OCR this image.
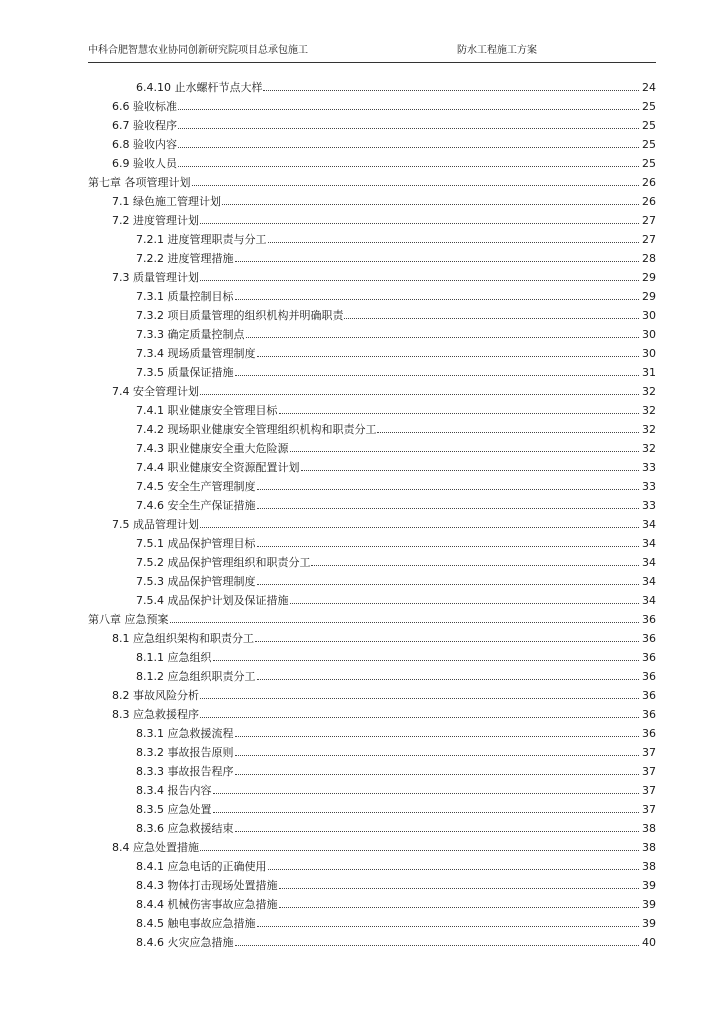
中科合肥智慧农业协同创新研究院项目总承包施工	防水工程施工方案
6.4.10 止水螺杆节点大样	24
6.6 验收标准	25
6.7 验收程序	25
6.8 验收内容	25
6.9 验收人员	25
第七章 各项管理计划	26
7.1 绿色施工管理计划	26
7.2 进度管理计划	27
7.2.1 进度管理职责与分工	27
7.2.2 进度管理措施	28
7.3 质量管理计划	29
7.3.1 质量控制目标	29
7.3.2 项目质量管理的组织机构并明确职责	30
7.3.3 确定质量控制点	30
7.3.4 现场质量管理制度	30
7.3.5 质量保证措施	31
7.4 安全管理计划	32
7.4.1 职业健康安全管理目标	32
7.4.2 现场职业健康安全管理组织机构和职责分工	32
7.4.3 职业健康安全重大危险源	32
7.4.4 职业健康安全资源配置计划	33
7.4.5 安全生产管理制度	33
7.4.6 安全生产保证措施	33
7.5 成品管理计划	34
7.5.1 成品保护管理目标	34
7.5.2 成品保护管理组织和职责分工	34
7.5.3 成品保护管理制度	34
7.5.4 成品保护计划及保证措施	34
第八章 应急预案	36
8.1 应急组织架构和职责分工	36
8.1.1 应急组织	36
8.1.2 应急组织职责分工	36
8.2 事故风险分析	36
8.3 应急救援程序	36
8.3.1 应急救援流程	36
8.3.2 事故报告原则	37
8.3.3 事故报告程序	37
8.3.4 报告内容	37
8.3.5 应急处置	37
8.3.6 应急救援结束	38
8.4 应急处置措施	38
8.4.1 应急电话的正确使用	38
8.4.3 物体打击现场处置措施	39
8.4.4 机械伤害事故应急措施	39
8.4.5 触电事故应急措施	39
8.4.6 火灾应急措施	40
